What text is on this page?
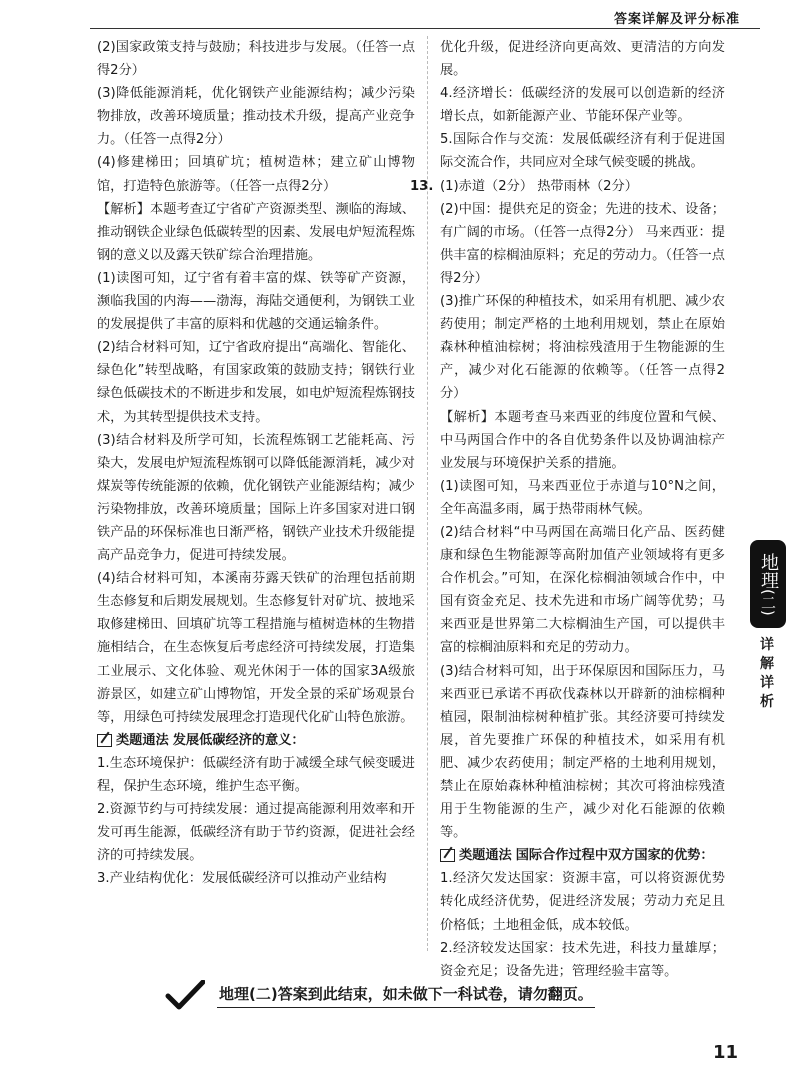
答案详解及评分标准

(2)国家政策支持与鼓励；科技进步与发展。（任答一点得2分）

(3)降低能源消耗，优化钢铁产业能源结构；减少污染物排放，改善环境质量；推动技术升级，提高产业竞争力。（任答一点得2分）

(4)修建梯田；回填矿坑；植树造林；建立矿山博物馆，打造特色旅游等。（任答一点得2分）

【解析】本题考查辽宁省矿产资源类型、濒临的海域、推动钢铁企业绿色低碳转型的因素、发展电炉短流程炼钢的意义以及露天铁矿综合治理措施。

(1)读图可知，辽宁省有着丰富的煤、铁等矿产资源，濒临我国的内海——渤海，海陆交通便利，为钢铁工业的发展提供了丰富的原料和优越的交通运输条件。

(2)结合材料可知，辽宁省政府提出“高端化、智能化、绿色化”转型战略，有国家政策的鼓励支持；钢铁行业绿色低碳技术的不断进步和发展，如电炉短流程炼钢技术，为其转型提供技术支持。

(3)结合材料及所学可知，长流程炼钢工艺能耗高、污染大，发展电炉短流程炼钢可以降低能源消耗，减少对煤炭等传统能源的依赖，优化钢铁产业能源结构；减少污染物排放，改善环境质量；国际上许多国家对进口钢铁产品的环保标准也日渐严格，钢铁产业技术升级能提高产品竞争力，促进可持续发展。

(4)结合材料可知，本溪南芬露天铁矿的治理包括前期生态修复和后期发展规划。生态修复针对矿坑、披地采取修建梯田、回填矿坑等工程措施与植树造林的生物措施相结合，在生态恢复后考虑经济可持续发展，打造集工业展示、文化体验、观光休闲于一体的国家3A级旅游景区，如建立矿山博物馆，开发全景的采矿场观景台等，用绿色可持续发展理念打造现代化矿山特色旅游。

类题通法 发展低碳经济的意义：

1.生态环境保护：低碳经济有助于减缓全球气候变暖进程，保护生态环境，维护生态平衡。

2.资源节约与可持续发展：通过提高能源利用效率和开发可再生能源，低碳经济有助于节约资源，促进社会经济的可持续发展。

3.产业结构优化：发展低碳经济可以推动产业结构

优化升级，促进经济向更高效、更清洁的方向发展。

4.经济增长：低碳经济的发展可以创造新的经济增长点，如新能源产业、节能环保产业等。

5.国际合作与交流：发展低碳经济有利于促进国际交流合作，共同应对全球气候变暖的挑战。

13. (1)赤道（2分） 热带雨林（2分）

(2)中国：提供充足的资金；先进的技术、设备；有广阔的市场。（任答一点得2分） 马来西亚：提供丰富的棕榈油原料；充足的劳动力。（任答一点得2分）

(3)推广环保的种植技术，如采用有机肥、减少农药使用；制定严格的土地利用规划，禁止在原始森林种植油棕树；将油棕残渣用于生物能源的生产，减少对化石能源的依赖等。（任答一点得2分）

【解析】本题考查马来西亚的纬度位置和气候、中马两国合作中的各自优势条件以及协调油棕产业发展与环境保护关系的措施。

(1)读图可知，马来西亚位于赤道与10°N之间，全年高温多雨，属于热带雨林气候。

(2)结合材料“中马两国在高端日化产品、医药健康和绿色生物能源等高附加值产业领域将有更多合作机会。”可知，在深化棕榈油领域合作中，中国有资金充足、技术先进和市场广阔等优势；马来西亚是世界第二大棕榈油生产国，可以提供丰富的棕榈油原料和充足的劳动力。

(3)结合材料可知，出于环保原因和国际压力，马来西亚已承诺不再砍伐森林以开辟新的油棕榈种植园，限制油棕树种植扩张。其经济要可持续发展，首先要推广环保的种植技术，如采用有机肥、减少农药使用；制定严格的土地利用规划，禁止在原始森林种植油棕树；其次可将油棕残渣用于生物能源的生产，减少对化石能源的依赖等。

类题通法 国际合作过程中双方国家的优势：

1.经济欠发达国家：资源丰富，可以将资源优势转化成经济优势，促进经济发展；劳动力充足且价格低；土地租金低，成本较低。

2.经济较发达国家：技术先进，科技力量雄厚；资金充足；设备先进；管理经验丰富等。

地理
(二)
详解详析
地理(二)答案到此结束，如未做下一科试卷，请勿翻页。
11
